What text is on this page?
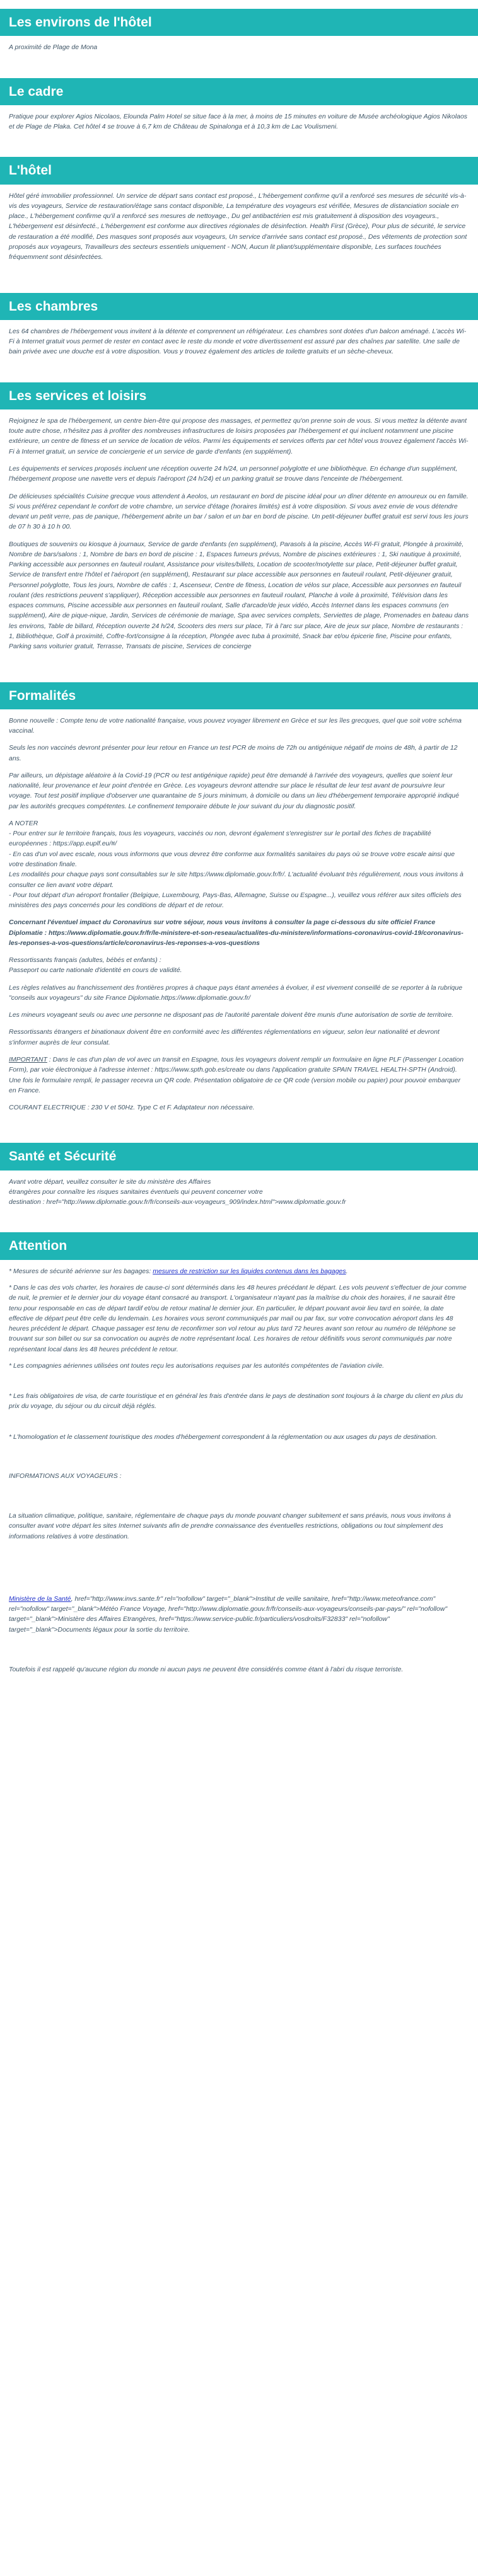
Les environs de l'hôtel

A proximité de Plage de Mona

Le cadre

Pratique pour explorer Agios Nicolaos, Elounda Palm Hotel se situe face à la mer, à moins de 15 minutes en voiture de Musée archéologique Agios Nikolaos et de Plage de Plaka. Cet hôtel 4 se trouve à 6,7 km de Château de Spinalonga et à 10,3 km de Lac Voulismeni.

L'hôtel

Hôtel géré immobilier professionnel. Un service de départ sans contact est proposé., L'hébergement confirme qu'il a renforcé ses mesures de sécurité vis-à-vis des voyageurs, Service de restauration/étage sans contact disponible, La température des voyageurs est vérifiée, Mesures de distanciation sociale en place., L'hébergement confirme qu'il a renforcé ses mesures de nettoyage., Du gel antibactérien est mis gratuitement à disposition des voyageurs., L'hébergement est désinfecté., L'hébergement est conforme aux directives régionales de désinfection. Health First (Grèce), Pour plus de sécurité, le service de restauration a été modifié, Des masques sont proposés aux voyageurs, Un service d'arrivée sans contact est proposé., Des vêtements de protection sont proposés aux voyageurs, Travailleurs des secteurs essentiels uniquement - NON, Aucun lit pliant/supplémentaire disponible, Les surfaces touchées fréquemment sont désinfectées.

Les chambres

Les 64 chambres de l'hébergement vous invitent à la détente et comprennent un réfrigérateur. Les chambres sont dotées d'un balcon aménagé. L'accès Wi-Fi à Internet gratuit vous permet de rester en contact avec le reste du monde et votre divertissement est assuré par des chaînes par satellite. Une salle de bain privée avec une douche est à votre disposition. Vous y trouvez également des articles de toilette gratuits et un sèche-cheveux.

Les services et loisirs

Rejoignez le spa de l'hébergement, un centre bien-être qui propose des massages, et permettez qu'on prenne soin de vous. Si vous mettez la détente avant toute autre chose, n'hésitez pas à profiter des nombreuses infrastructures de loisirs proposées par l'hébergement et qui incluent notamment une piscine extérieure, un centre de fitness et un service de location de vélos. Parmi les équipements et services offerts par cet hôtel vous trouvez également l'accès Wi-Fi à Internet gratuit, un service de conciergerie et un service de garde d'enfants (en supplément).

Les équipements et services proposés incluent une réception ouverte 24 h/24, un personnel polyglotte et une bibliothèque. En échange d'un supplément, l'hébergement propose une navette vers et depuis l'aéroport (24 h/24) et un parking gratuit se trouve dans l'enceinte de l'hébergement.

De délicieuses spécialités Cuisine grecque vous attendent à Aeolos, un restaurant en bord de piscine idéal pour un dîner détente en amoureux ou en famille. Si vous préférez cependant le confort de votre chambre, un service d'étage (horaires limités) est à votre disposition. Si vous avez envie de vous détendre devant un petit verre, pas de panique, l'hébergement abrite un bar / salon et un bar en bord de piscine. Un petit-déjeuner buffet gratuit est servi tous les jours de 07 h 30 à 10 h 00.

Boutiques de souvenirs ou kiosque à journaux, Service de garde d'enfants (en supplément), Parasols à la piscine, Accès Wi-Fi gratuit, Plongée à proximité, Nombre de bars/salons : 1, Nombre de bars en bord de piscine : 1, Espaces fumeurs prévus, Nombre de piscines extérieures : 1, Ski nautique à proximité, Parking accessible aux personnes en fauteuil roulant, Assistance pour visites/billets, Location de scooter/motylette sur place, Petit-déjeuner buffet gratuit, Service de transfert entre l'hôtel et l'aéroport (en supplément), Restaurant sur place accessible aux personnes en fauteuil roulant, Petit-déjeuner gratuit, Personnel polyglotte, Tous les jours, Nombre de cafés : 1, Ascenseur, Centre de fitness, Location de vélos sur place, Accessible aux personnes en fauteuil roulant (des restrictions peuvent s'appliquer), Réception accessible aux personnes en fauteuil roulant, Planche à voile à proximité, Télévision dans les espaces communs, Piscine accessible aux personnes en fauteuil roulant, Salle d'arcade/de jeux vidéo, Accès Internet dans les espaces communs (en supplément), Aire de pique-nique, Jardin, Services de cérémonie de mariage, Spa avec services complets, Serviettes de plage, Promenades en bateau dans les environs, Table de billard, Réception ouverte 24 h/24, Scooters des mers sur place, Tir à l'arc sur place, Aire de jeux sur place, Nombre de restaurants : 1, Bibliothèque, Golf à proximité, Coffre-fort/consigne à la réception, Plongée avec tuba à proximité, Snack bar et/ou épicerie fine, Piscine pour enfants, Parking sans voiturier gratuit, Terrasse, Transats de piscine, Services de concierge

Formalités

Bonne nouvelle : Compte tenu de votre nationalité française, vous pouvez voyager librement en Grèce et sur les îles grecques, quel que soit votre schéma vaccinal.

Seuls les non vaccinés devront présenter pour leur retour en France un test PCR de moins de 72h ou antigénique négatif de moins de 48h, à partir de 12 ans.

Par ailleurs, un dépistage aléatoire à la Covid-19 (PCR ou test antigénique rapide) peut être demandé à l'arrivée des voyageurs, quelles que soient leur nationalité, leur provenance et leur point d'entrée en Grèce. Les voyageurs devront attendre sur place le résultat de leur test avant de poursuivre leur voyage. Tout test positif implique d'observer une quarantaine de 5 jours minimum, à domicile ou dans un lieu d'hébergement temporaire approprié indiqué par les autorités grecques compétentes. Le confinement temporaire débute le jour suivant du jour du diagnostic positif.

A NOTER
- Pour entrer sur le territoire français, tous les voyageurs, vaccinés ou non, devront également s'enregistrer sur le portail des fiches de traçabilité européennes : https://app.euplf.eu/#/
- En cas d'un vol avec escale, nous vous informons que vous devrez être conforme aux formalités sanitaires du pays où se trouve votre escale ainsi que votre destination finale.
Les modalités pour chaque pays sont consultables sur le site https://www.diplomatie.gouv.fr/fr/. L'actualité évoluant très régulièrement, nous vous invitons à consulter ce lien avant votre départ.
- Pour tout départ d'un aéroport frontalier (Belgique, Luxembourg, Pays-Bas, Allemagne, Suisse ou Espagne...), veuillez vous référer aux sites officiels des ministères des pays concernés pour les conditions de départ et de retour.

Concernant l'éventuel impact du Coronavirus sur votre séjour, nous vous invitons à consulter la page ci-dessous du site officiel France Diplomatie : https://www.diplomatie.gouv.fr/fr/le-ministere-et-son-reseau/actualites-du-ministere/informations-coronavirus-covid-19/coronavirus-les-reponses-a-vos-questions/article/coronavirus-les-reponses-a-vos-questions

Ressortissants français (adultes, bébés et enfants) :
Passeport ou carte nationale d'identité en cours de validité.

Les règles relatives au franchissement des frontières propres à chaque pays étant amenées à évoluer, il est vivement conseillé de se reporter à la rubrique "conseils aux voyageurs" du site France Diplomatie.https://www.diplomatie.gouv.fr/

Les mineurs voyageant seuls ou avec une personne ne disposant pas de l'autorité parentale doivent être munis d'une autorisation de sortie de territoire.

Ressortissants étrangers et binationaux doivent être en conformité avec les différentes réglementations en vigueur, selon leur nationalité et devront s'informer auprès de leur consulat.

IMPORTANT : Dans le cas d'un plan de vol avec un transit en Espagne, tous les voyageurs doivent remplir un formulaire en ligne PLF (Passenger Location Form), par voie électronique à l'adresse internet : https://www.spth.gob.es/create ou dans l'application gratuite SPAIN TRAVEL HEALTH-SPTH (Android). Une fois le formulaire rempli, le passager recevra un QR code. Présentation obligatoire de ce QR code (version mobile ou papier) pour pouvoir embarquer en France.

COURANT ELECTRIQUE : 230 V et 50Hz. Type C et F. Adaptateur non nécessaire.

Santé et Sécurité

Avant votre départ, veuillez consulter le site du ministère des Affaires
étrangères pour connaître les risques sanitaires éventuels qui peuvent concerner votre
destination : href="http://www.diplomatie.gouv.fr/fr/conseils-aux-voyageurs_909/index.html">www.diplomatie.gouv.fr

Attention
* Mesures de sécurité aérienne sur les bagages: mesures de restriction sur les liquides contenus dans les bagages.
* Dans le cas des vols charter, les horaires de cause-ci sont déterminés dans les 48 heures précédant le départ. Les vols peuvent s'effectuer de jour comme de nuit, le premier et le dernier jour du voyage étant consacré au transport. L'organisateur n'ayant pas la maîtrise du choix des horaires, il ne saurait être tenu pour responsable en cas de départ tardif et/ou de retour matinal le dernier jour. En particulier, le départ pouvant avoir lieu tard en soirée, la date effective de départ peut être celle du lendemain. Les horaires vous seront communiqués par mail ou par fax, sur votre convocation aéroport dans les 48 heures précédent le départ. Chaque passager est tenu de reconfirmer son vol retour au plus tard 72 heures avant son retour au numéro de téléphone se trouvant sur son billet ou sur sa convocation ou auprès de notre représentant local. Les horaires de retour définitifs vous seront communiqués par notre représentant local dans les 48 heures précédent le retour.
* Les compagnies aériennes utilisées ont toutes reçu les autorisations requises par les autorités compétentes de l'aviation civile.
* Les frais obligatoires de visa, de carte touristique et en général les frais d'entrée dans le pays de destination sont toujours à la charge du client en plus du prix du voyage, du séjour ou du circuit déjà réglés.
* L'homologation et le classement touristique des modes d'hébergement correspondent à la réglementation ou aux usages du pays de destination.

INFORMATIONS AUX VOYAGEURS :

La situation climatique, politique, sanitaire, réglementaire de chaque pays du monde pouvant changer subitement et sans préavis, nous vous invitons à consulter avant votre départ les sites Internet suivants afin de prendre connaissance des éventuelles restrictions, obligations ou tout simplement des informations relatives à votre destination.

Ministère de la Santé, href="http://www.invs.sante.fr" rel="nofollow" target="_blank">Institut de veille sanitaire, href="http://www.meteofrance.com" rel="nofollow" target="_blank">Météo France Voyage, href="http://www.diplomatie.gouv.fr/fr/conseils-aux-voyageurs/conseils-par-pays/" rel="nofollow" target="_blank">Ministère des Affaires Etrangères, href="https://www.service-public.fr/particuliers/vosdroits/F32833" rel="nofollow" target="_blank">Documents légaux pour la sortie du territoire.

Toutefois il est rappelé qu'aucune région du monde ni aucun pays ne peuvent être considérés comme étant à l'abri du risque terroriste.
